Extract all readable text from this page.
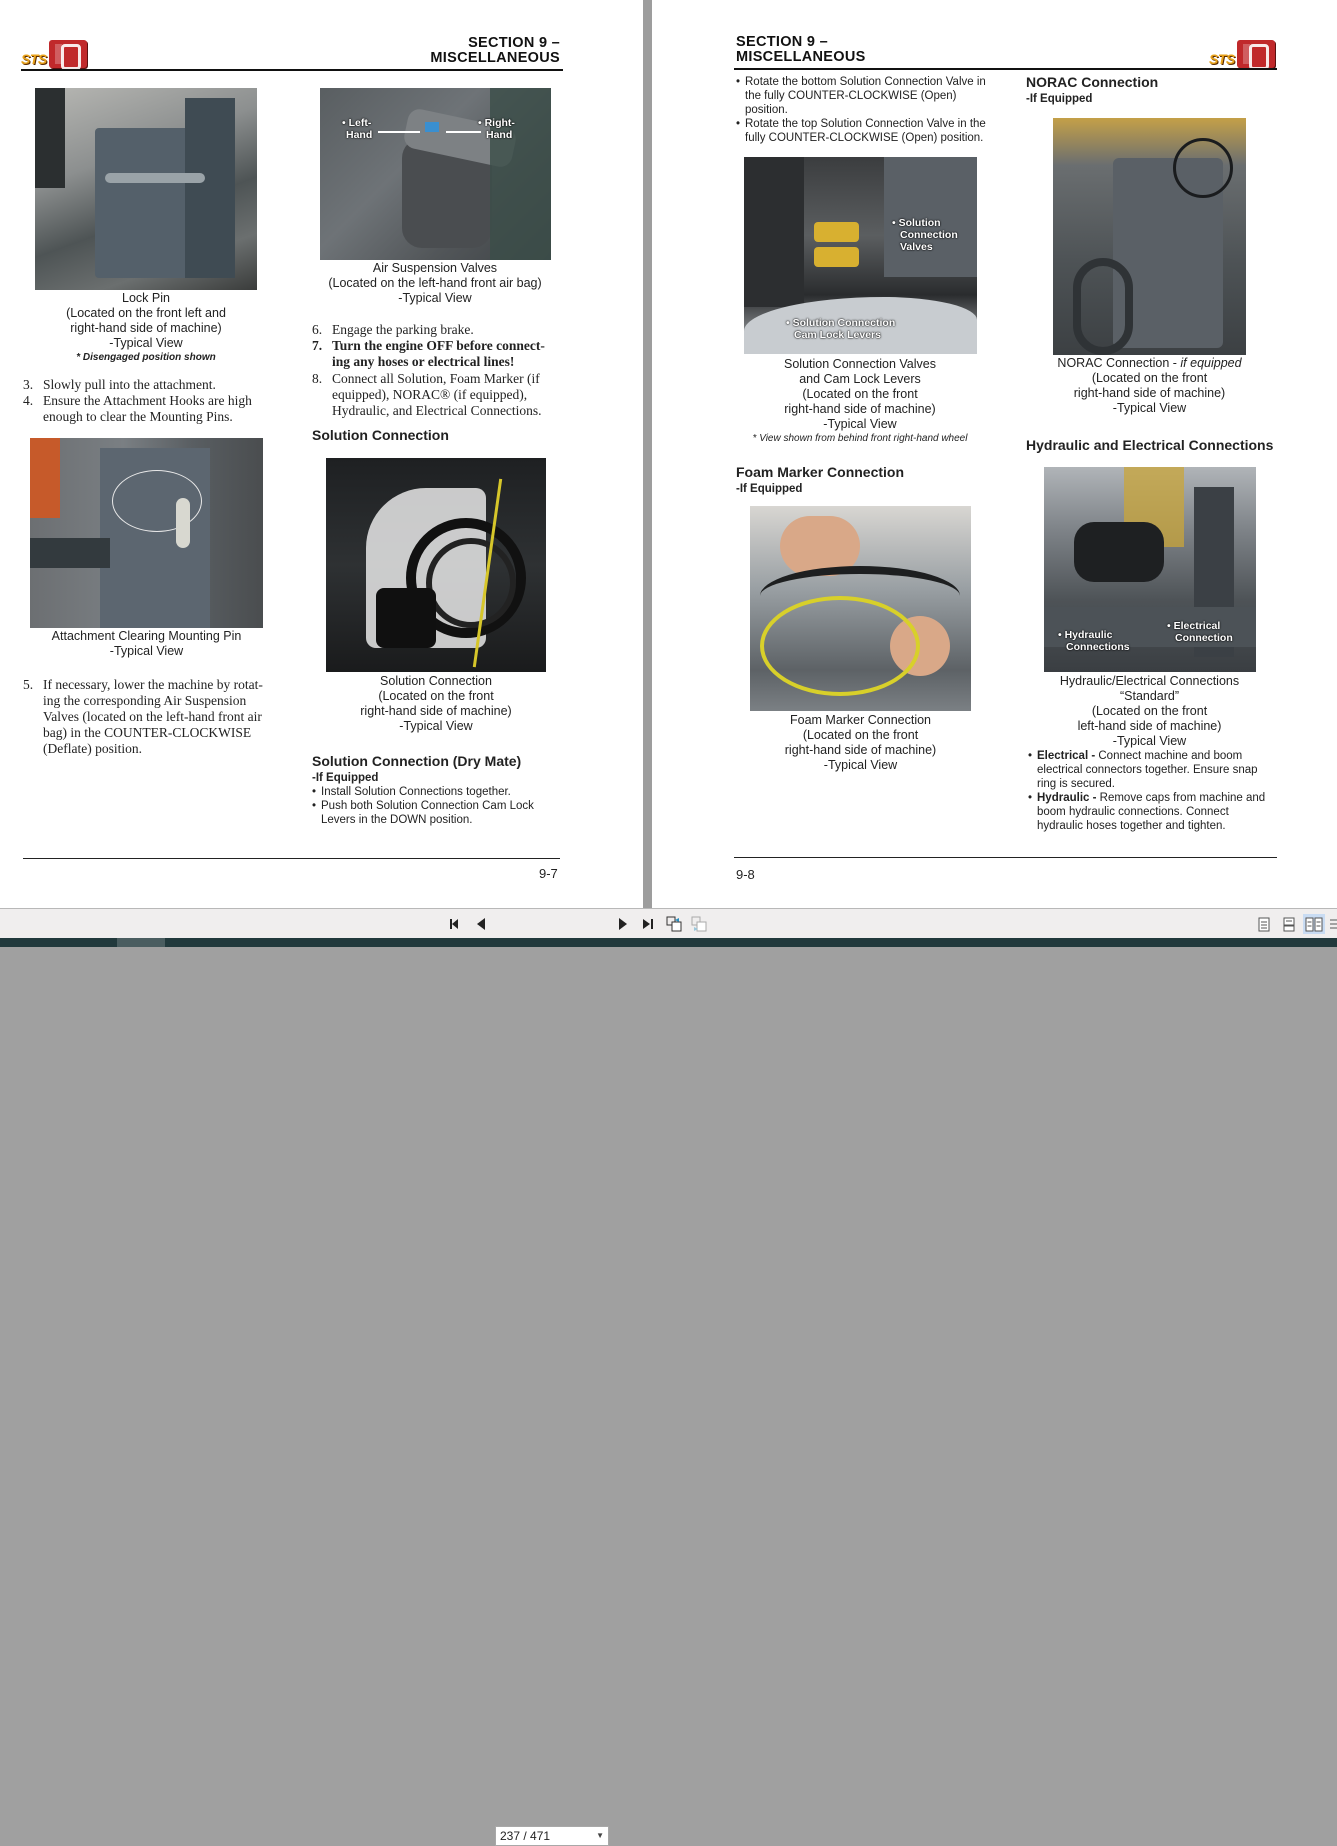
STS
SECTION 9 –
MISCELLANEOUS
Lock Pin
(Located on the front left and
right-hand side of machine)
-Typical View
* Disengaged position shown
3. Slowly pull into the attachment.
4. Ensure the Attachment Hooks are high
enough to clear the Mounting Pins.
Attachment Clearing Mounting Pin
-Typical View
5. If necessary, lower the machine by rotat-
ing the corresponding Air Suspension
Valves (located on the left-hand front air
bag) in the COUNTER-CLOCKWISE
(Deflate) position.
• Left-
Hand
• Right-
Hand
Air Suspension Valves
(Located on the left-hand front air bag)
-Typical View
6. Engage the parking brake.
7. Turn the engine OFF before connect-
ing any hoses or electrical lines!
8. Connect all Solution, Foam Marker (if
equipped), NORAC® (if equipped),
Hydraulic, and Electrical Connections.
Solution Connection
Solution Connection
(Located on the front
right-hand side of machine)
-Typical View
Solution Connection (Dry Mate)
-If Equipped
• Install Solution Connections together.
• Push both Solution Connection Cam Lock Levers in the DOWN position.
9-7
SECTION 9 –
MISCELLANEOUS	STS
• Rotate the bottom Solution Connection Valve in the fully COUNTER-CLOCKWISE (Open) position.
• Rotate the top Solution Connection Valve in the fully COUNTER-CLOCKWISE (Open) position.
• Solution
Connection
Valves
• Solution Connection
Cam Lock Levers
Solution Connection Valves
and Cam Lock Levers
(Located on the front
right-hand side of machine)
-Typical View
* View shown from behind front right-hand wheel
Foam Marker Connection
-If Equipped
Foam Marker Connection
(Located on the front
right-hand side of machine)
-Typical View
NORAC Connection
-If Equipped
NORAC Connection - if equipped
(Located on the front
right-hand side of machine)
-Typical View
Hydraulic and Electrical Connections
• Hydraulic
Connections
• Electrical
Connection
Hydraulic/Electrical Connections
“Standard”
(Located on the front
left-hand side of machine)
-Typical View
• Electrical - Connect machine and boom electrical connectors together. Ensure snap ring is secured.
• Hydraulic - Remove caps from machine and boom hydraulic connections. Connect hydraulic hoses together and tighten.
9-8
237 / 471	▼
